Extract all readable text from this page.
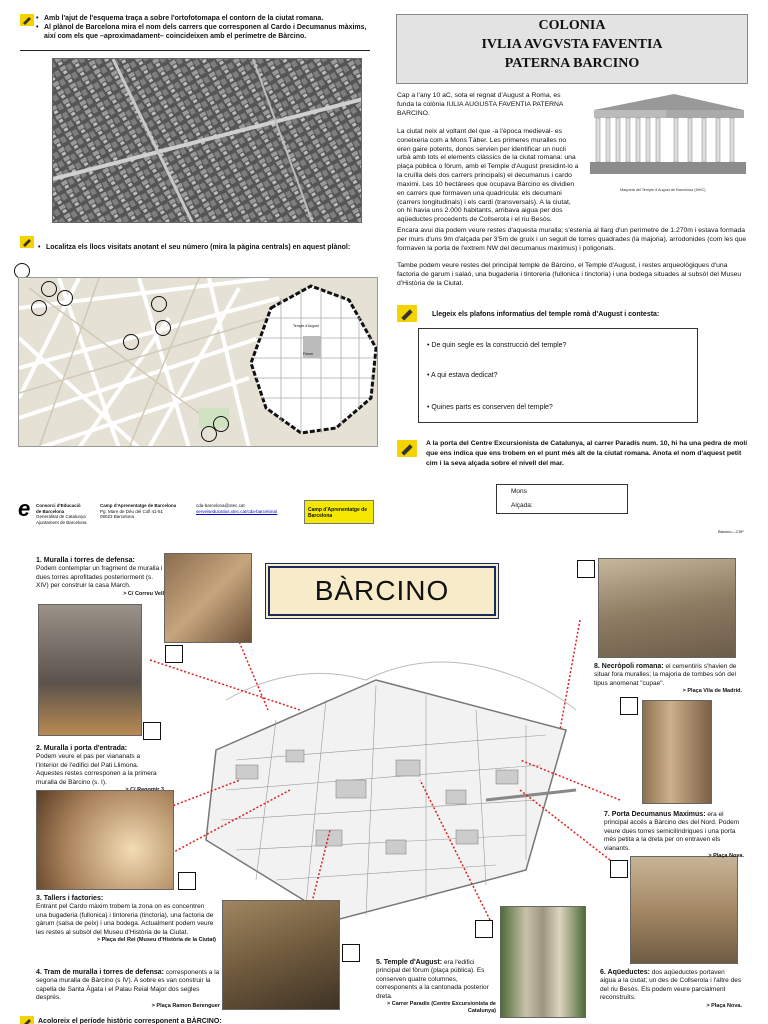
• Amb l'ajut de l'esquema traça a sobre l'ortofotomapa el contorn de la ciutat romana.
• Al plànol de Barcelona mira el nom dels carrers que corresponen al Cardo i Decumanus màxims, així com els que –aproximadament– coincideixen amb el perímetre de Bàrcino.
• Localitza els llocs visitats anotant el seu número (mira la pàgina centrals) en aquest plànol:
Temple d'August
Fòrum
e Consorci d'Educació
de Barcelona
Generalitat de Catalunya
Ajuntament de Barcelona
Camp d'Aprenentatge de Barcelona
Pg. Mare de Déu del Coll 41-51
08023 Barcelona
cda-barcelona@xtec.cat
serveiseducatius.xtec.cat/cda-barcelona/	Camp d'Aprenentatge de Barcelona
COLONIA
IVLIA AVGVSTA FAVENTIA
PATERNA BARCINO
Cap a l'any 10 aC, sota el regnat d'August a Roma, es funda la colònia IULIA AUGUSTA FAVENTIA PATERNA BARCINO.
Maqueta del Temple d'August de Barcelona (MHC)
La ciutat neix al voltant del que -a l'època medieval- es coneixeria com a Mons Táber. Les primeres muralles no eren gaire potents, donos servien per identificar un nucli urbà amb tots el elements clàssics de la ciutat romana: una plaça pública o fòrum, amb el Temple d'August presidint-lo a la cruïlla dels dos carrers principals) el decumanus i cardo maximi. Les 10 hectàrees que ocupava Bàrcino es dividien en carrers que formaven una quadrícula: els decumani (carrers longitudinals) i els cardi (transversals). A la ciutat, on hi havia uns 2.000 habitants, arribava aigua per dos aqüeductes procedents de Collserola i el riu Besòs.
Encara avui dia podem veure restes d'aquesta muralla; s'estenia al llarg d'un perímetre de 1.270m i estava formada per murs d'uns 9m d'alçada per 3'5m de gruix i un seguit de torres quadrades (la majoria), arrodonides (com les que formaven la porta de l'extrem NW del decumanus maximus) i poligonals.
Tambe podem veure restes del principal temple de Bàrcino, el Temple d'August, i restes arqueològiques d'una factoria de garum i salaó, una bugaderia i tintoreria (fullonica i tinctoria) i una bodega situades al subsòl del Museu d'Història de la Ciutat.
Llegeix els plafons informatius del temple romà d'August i contesta:
• De quin segle es la construcció del temple?
• A qui estava dedicat?
• Quines parts es conserven del temple?
A la porta del Centre Excursionista de Catalunya, al carrer Paradís num. 10, hi ha una pedra de molí que ens indica que ens trobem en el punt més alt de la ciutat romana. Anota el nom d'aquest petit cim i la seva alçada sobre el nivell del mar.
Mons
Alçada:
Bàrcino—CSP
BÀRCINO
1. Muralla i torres de defensa:
Podem contemplar un fragment de muralla i dues torres aprofitades posteriorment (s. XIV) per construir la casa March.
> C/ Correu Vell
2. Muralla i porta d'entrada:
Podem veure el pas per viananats a l'interior de l'edifici del Pati Llimona. Aquestes restes corresponen a la primera muralla de Bàrcino (s. I).
3. Tallers i factories:
Entrant pel Cardo màxim trobem la zona on es concentren una bugaderia (fullonica) i tintoreria (tinctoria), una factoria de gàrum (salsa de peix) i una bodega. Actualment podem veure les restes al subsòl del Museu d'Història de la Ciutat.
> Plaça del Rei (Museu d'Història de la Ciutat)
4. Tram de muralla i torres de defensa: corresponents a la segona muralla de Bàrcino (s IV). A sobre es van construir la capella de Santa Àgata i el Palau Reial Major dos segles després.
> Plaça Ramon Berenguer
5. Temple d'August: era l'edifici principal del fòrum (plaça pública). Es conserven quatre columnes, corresponents a la cantonada posterior dreta.
> Carrer Paradís (Centre Excursionista de Catalunya)
6. Aqüeductes: dos aqüeductes portaven aigua a la ciutat; un des de Collserola i l'altre des del riu Besòs. Els podem veure parcialment reconstruïts.
> Plaça Nova.
7. Porta Decumanus Maximus: era el principal accés a Bàrcino des del Nord. Podem veure dues torres semicilíndriques i una porta més petita a la dreta per on entraven els vianants.
> Plaça Nova.
8. Necròpoli romana: el cementiris s'havien de situar fora muralles; la majoria de tombes són del tipus anomenat "cupae".
> Plaça Vila de Madrid.
Acoloreix el període històric corresponent a BÀRCINO:
